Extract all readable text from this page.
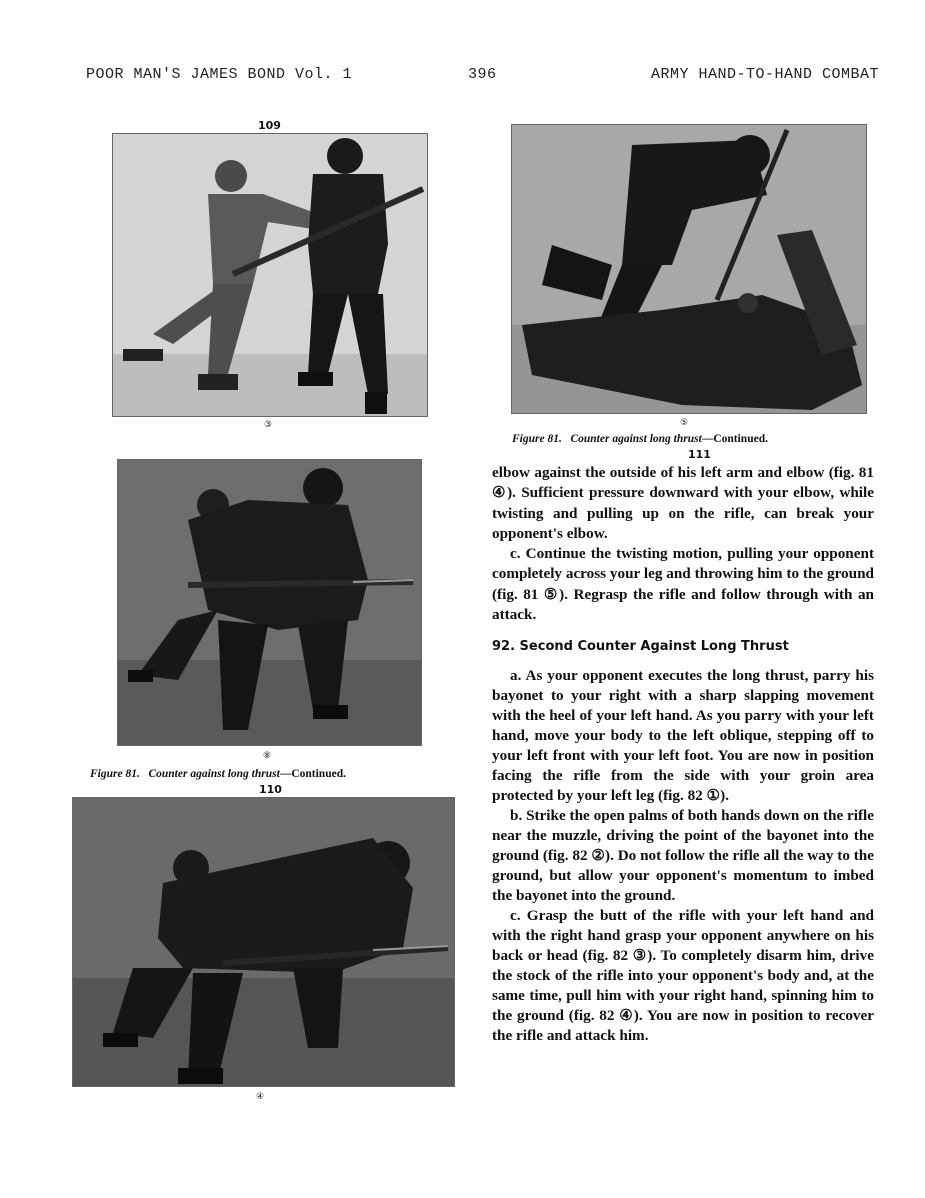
POOR MAN'S JAMES BOND Vol. 1	396	ARMY HAND-TO-HAND COMBAT
109
③
⑧
Figure 81. Counter against long thrust—Continued.
110
④
⑤
Figure 81. Counter against long thrust—Continued.
111

elbow against the outside of his left arm and elbow (fig. 81 ④). Sufficient pressure downward with your elbow, while twisting and pulling up on the rifle, can break your opponent's elbow.

c. Continue the twisting motion, pulling your opponent completely across your leg and throwing him to the ground (fig. 81 ⑤). Regrasp the rifle and follow through with an attack.

92. Second Counter Against Long Thrust

a. As your opponent executes the long thrust, parry his bayonet to your right with a sharp slapping movement with the heel of your left hand. As you parry with your left hand, move your body to the left oblique, stepping off to your left front with your left foot. You are now in position facing the rifle from the side with your groin area protected by your left leg (fig. 82 ①).

b. Strike the open palms of both hands down on the rifle near the muzzle, driving the point of the bayonet into the ground (fig. 82 ②). Do not follow the rifle all the way to the ground, but allow your opponent's momentum to imbed the bayonet into the ground.

c. Grasp the butt of the rifle with your left hand and with the right hand grasp your opponent anywhere on his back or head (fig. 82 ③). To completely disarm him, drive the stock of the rifle into your opponent's body and, at the same time, pull him with your right hand, spinning him to the ground (fig. 82 ④). You are now in position to recover the rifle and attack him.
